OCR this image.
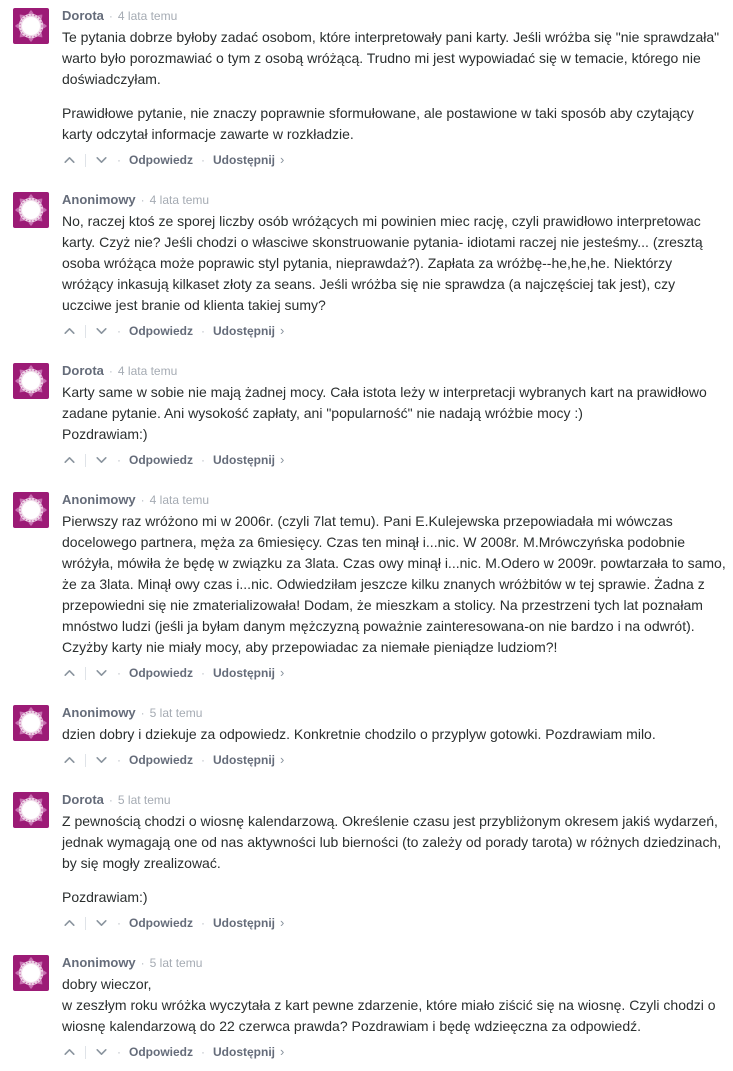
Dorota · 4 lata temu

Te pytania dobrze byłoby zadać osobom, które interpretowały pani karty. Jeśli wróżba się "nie sprawdzała" warto było porozmawiać o tym z osobą wróżącą. Trudno mi jest wypowiadać się w temacie, którego nie doświadczyłam.

Prawidłowe pytanie, nie znaczy poprawnie sformułowane, ale postawione w taki sposób aby czytający karty odczytał informacje zawarte w rozkładzie.

· Odpowiedz · Udostępnij ›
Anonimowy · 4 lata temu

No, raczej ktoś ze sporej liczby osób wróżących mi powinien miec rację, czyli prawidłowo interpretowac karty. Czyż nie? Jeśli chodzi o własciwe skonstruowanie pytania- idiotami raczej nie jesteśmy... (zresztą osoba wróżąca może poprawic styl pytania, nieprawdaż?). Zapłata za wróżbę--he,he,he. Niektórzy wróżący inkasują kilkaset złoty za seans. Jeśli wróżba się nie sprawdza (a najczęściej tak jest), czy uczciwe jest branie od klienta takiej sumy?

· Odpowiedz · Udostępnij ›
Dorota · 4 lata temu

Karty same w sobie nie mają żadnej mocy. Cała istota leży w interpretacji wybranych kart na prawidłowo zadane pytanie. Ani wysokość zapłaty, ani "popularność" nie nadają wróżbie mocy :)
Pozdrawiam:)

· Odpowiedz · Udostępnij ›
Anonimowy · 4 lata temu

Pierwszy raz wróżono mi w 2006r. (czyli 7lat temu). Pani E.Kulejewska przepowiadała mi wówczas docelowego partnera, męża za 6miesięcy. Czas ten minął i...nic. W 2008r. M.Mrówczyńska podobnie wróżyła, mówiła że będę w związku za 3lata. Czas owy minął i...nic. M.Odero w 2009r. powtarzała to samo, że za 3lata. Minął owy czas i...nic. Odwiedziłam jeszcze kilku znanych wróżbitów w tej sprawie. Żadna z przepowiedni się nie zmaterializowała! Dodam, że mieszkam a stolicy. Na przestrzeni tych lat poznałam mnóstwo ludzi (jeśli ja byłam danym mężczyzną poważnie zainteresowana-on nie bardzo i na odwrót). Czyżby karty nie miały mocy, aby przepowiadac za niemałe pieniądze ludziom?!

· Odpowiedz · Udostępnij ›
Anonimowy · 5 lat temu

dzien dobry i dziekuje za odpowiedz. Konkretnie chodzilo o przyplyw gotowki. Pozdrawiam milo.

· Odpowiedz · Udostępnij ›
Dorota · 5 lat temu

Z pewnością chodzi o wiosnę kalendarzową. Określenie czasu jest przybliżonym okresem jakiś wydarzeń, jednak wymagają one od nas aktywności lub bierności (to zależy od porady tarota) w różnych dziedzinach, by się mogły zrealizować.

Pozdrawiam:)

· Odpowiedz · Udostępnij ›
Anonimowy · 5 lat temu

dobry wieczor,
w zeszłym roku wróżka wyczytała z kart pewne zdarzenie, które miało ziścić się na wiosnę. Czyli chodzi o wiosnę kalendarzową do 22 czerwca prawda? Pozdrawiam i będę wdzieęczna za odpowiedź.

· Odpowiedz · Udostępnij ›
